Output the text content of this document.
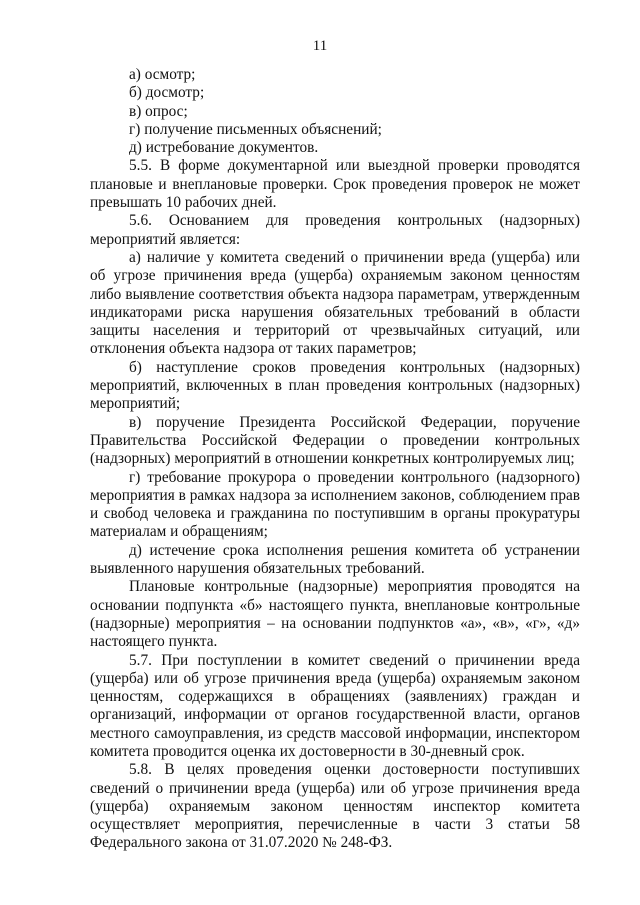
11

а) осмотр;

б) досмотр;

в) опрос;

г) получение письменных объяснений;

д) истребование документов.

5.5. В форме документарной или выездной проверки проводятся плановые и внеплановые проверки. Срок проведения проверок не может превышать 10 рабочих дней.

5.6. Основанием для проведения контрольных (надзорных) мероприятий является:

а) наличие у комитета сведений о причинении вреда (ущерба) или об угрозе причинения вреда (ущерба) охраняемым законом ценностям либо выявление соответствия объекта надзора параметрам, утвержденным индикаторами риска нарушения обязательных требований в области защиты населения и территорий от чрезвычайных ситуаций, или отклонения объекта надзора от таких параметров;

б) наступление сроков проведения контрольных (надзорных) мероприятий, включенных в план проведения контрольных (надзорных) мероприятий;

в) поручение Президента Российской Федерации, поручение Правительства Российской Федерации о проведении контрольных (надзорных) мероприятий в отношении конкретных контролируемых лиц;

г) требование прокурора о проведении контрольного (надзорного) мероприятия в рамках надзора за исполнением законов, соблюдением прав и свобод человека и гражданина по поступившим в органы прокуратуры материалам и обращениям;

д) истечение срока исполнения решения комитета об устранении выявленного нарушения обязательных требований.

Плановые контрольные (надзорные) мероприятия проводятся на основании подпункта «б» настоящего пункта, внеплановые контрольные (надзорные) мероприятия – на основании подпунктов «а», «в», «г», «д» настоящего пункта.

5.7. При поступлении в комитет сведений о причинении вреда (ущерба) или об угрозе причинения вреда (ущерба) охраняемым законом ценностям, содержащихся в обращениях (заявлениях) граждан и организаций, информации от органов государственной власти, органов местного самоуправления, из средств массовой информации, инспектором комитета проводится оценка их достоверности в 30-дневный срок.

5.8. В целях проведения оценки достоверности поступивших сведений о причинении вреда (ущерба) или об угрозе причинения вреда (ущерба) охраняемым законом ценностям инспектор комитета осуществляет мероприятия, перечисленные в части 3 статьи 58 Федерального закона от 31.07.2020 № 248-ФЗ.
